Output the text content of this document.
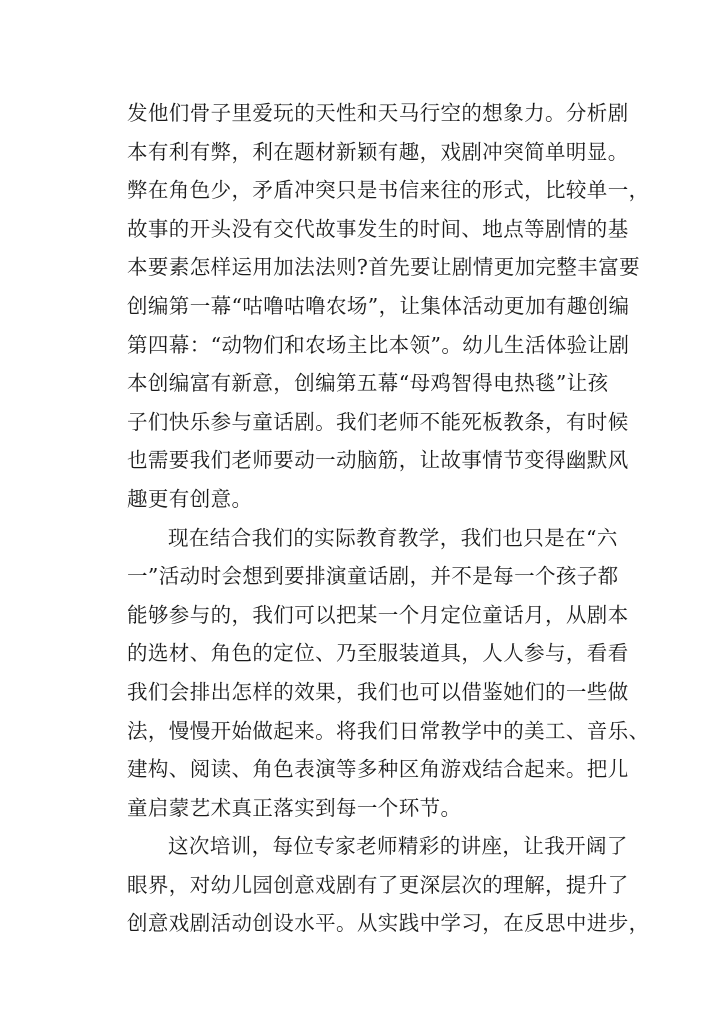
发他们骨子里爱玩的天性和天马行空的想象力。分析剧
本有利有弊，利在题材新颖有趣，戏剧冲突简单明显。
弊在角色少，矛盾冲突只是书信来往的形式，比较单一，
故事的开头没有交代故事发生的时间、地点等剧情的基
本要素怎样运用加法法则?首先要让剧情更加完整丰富要
创编第一幕“咕噜咕噜农场”，让集体活动更加有趣创编
第四幕：“动物们和农场主比本领”。幼儿生活体验让剧
本创编富有新意，创编第五幕“母鸡智得电热毯”让孩
子们快乐参与童话剧。我们老师不能死板教条，有时候
也需要我们老师要动一动脑筋，让故事情节变得幽默风
趣更有创意。

现在结合我们的实际教育教学，我们也只是在“六
一”活动时会想到要排演童话剧，并不是每一个孩子都
能够参与的，我们可以把某一个月定位童话月，从剧本
的选材、角色的定位、乃至服装道具，人人参与，看看
我们会排出怎样的效果，我们也可以借鉴她们的一些做
法，慢慢开始做起来。将我们日常教学中的美工、音乐、
建构、阅读、角色表演等多种区角游戏结合起来。把儿
童启蒙艺术真正落实到每一个环节。

这次培训，每位专家老师精彩的讲座，让我开阔了
眼界，对幼儿园创意戏剧有了更深层次的理解，提升了
创意戏剧活动创设水平。从实践中学习，在反思中进步，
